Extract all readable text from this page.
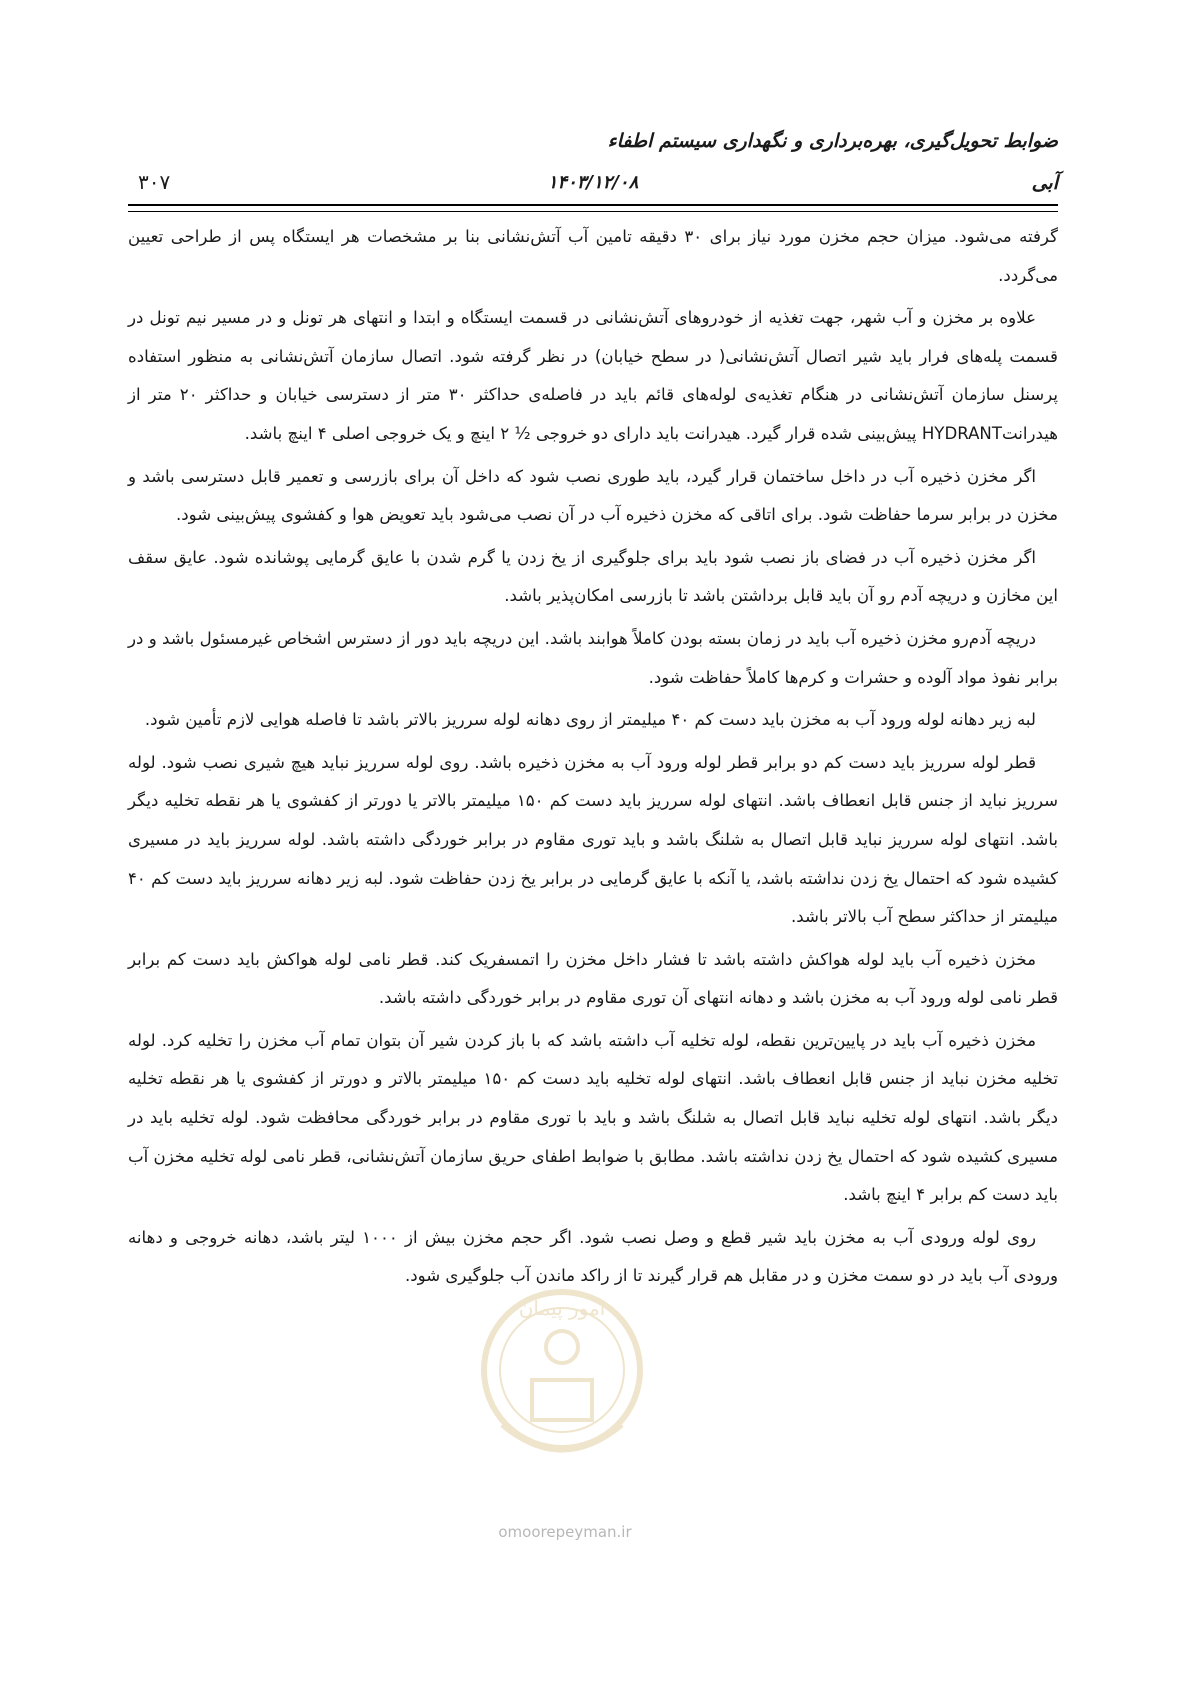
ضوابط تحویل‌گیری، بهره‌برداری و نگهداری سیستم اطفاء
۳۰۷	۱۴۰۳/۱۲/۰۸	آبی

گرفته می‌شود. میزان حجم مخزن مورد نیاز برای ۳۰ دقیقه تامین آب آتش‌نشانی بنا بر مشخصات هر ایستگاه پس از طراحی تعیین می‌گردد.

علاوه بر مخزن و آب شهر، جهت تغذیه از خودروهای آتش‌نشانی در قسمت ایستگاه و ابتدا و انتهای هر تونل و در مسیر نیم تونل در قسمت پله‌های فرار باید شیر اتصال آتش‌نشانی( در سطح خیابان) در نظر گرفته شود. اتصال سازمان آتش‌نشانی به منظور استفاده پرسنل سازمان آتش‌نشانی در هنگام تغذیه‌ی لوله‌های قائم باید در فاصله‌ی حداکثر ۳۰ متر از دسترسی خیابان و حداکثر ۲۰ متر از هیدرانتHYDRANT پیش‌بینی شده قرار گیرد. هیدرانت باید دارای دو خروجی ½ ۲ اینچ و یک خروجی اصلی ۴ اینچ باشد.

اگر مخزن ذخیره آب در داخل ساختمان قرار گیرد، باید طوری نصب شود که داخل آن برای بازرسی و تعمیر قابل دسترسی باشد و مخزن در برابر سرما حفاظت شود. برای اتاقی که مخزن ذخیره آب در آن نصب می‌شود باید تعویض هوا و کفشوی پیش‌بینی شود.

اگر مخزن ذخیره آب در فضای باز نصب شود باید برای جلوگیری از یخ زدن یا گرم شدن با عایق گرمایی پوشانده شود. عایق سقف این مخازن و دریچه آدم رو آن باید قابل برداشتن باشد تا بازرسی امکان‌پذیر باشد.

دریچه آدم‌رو مخزن ذخیره آب باید در زمان بسته بودن کاملاً هوابند باشد. این دریچه باید دور از دسترس اشخاص غیرمسئول باشد و در برابر نفوذ مواد آلوده و حشرات و کرم‌ها کاملاً حفاظت شود.

لبه زیر دهانه لوله ورود آب به مخزن باید دست کم ۴۰ میلیمتر از روی دهانه لوله سرریز بالاتر باشد تا فاصله هوایی لازم تأمین شود.

قطر لوله سرریز باید دست کم دو برابر قطر لوله ورود آب به مخزن ذخیره باشد. روی لوله سرریز نباید هیچ شیری نصب شود. لوله سرریز نباید از جنس قابل انعطاف باشد. انتهای لوله سرریز باید دست کم ۱۵۰ میلیمتر بالاتر یا دورتر از کفشوی یا هر نقطه تخلیه دیگر باشد. انتهای لوله سرریز نباید قابل اتصال به شلنگ باشد و باید توری مقاوم در برابر خوردگی داشته باشد. لوله سرریز باید در مسیری کشیده شود که احتمال یخ زدن نداشته باشد، یا آنکه با عایق گرمایی در برابر یخ زدن حفاظت شود. لبه زیر دهانه سرریز باید دست کم ۴۰ میلیمتر از حداکثر سطح آب بالاتر باشد.

مخزن ذخیره آب باید لوله هواکش داشته باشد تا فشار داخل مخزن را اتمسفریک کند. قطر نامی لوله هواکش باید دست کم برابر قطر نامی لوله ورود آب به مخزن باشد و دهانه انتهای آن توری مقاوم در برابر خوردگی داشته باشد.

مخزن ذخیره آب باید در پایین‌ترین نقطه، لوله تخلیه آب داشته باشد که با باز کردن شیر آن بتوان تمام آب مخزن را تخلیه کرد. لوله تخلیه مخزن نباید از جنس قابل انعطاف باشد. انتهای لوله تخلیه باید دست کم ۱۵۰ میلیمتر بالاتر و دورتر از کفشوی یا هر نقطه تخلیه دیگر باشد. انتهای لوله تخلیه نباید قابل اتصال به شلنگ باشد و باید با توری مقاوم در برابر خوردگی محافظت شود. لوله تخلیه باید در مسیری کشیده شود که احتمال یخ زدن نداشته باشد. مطابق با ضوابط اطفای حریق سازمان آتش‌نشانی، قطر نامی لوله تخلیه مخزن آب باید دست کم برابر ۴ اینچ باشد.

روی لوله ورودی آب به مخزن باید شیر قطع و وصل نصب شود. اگر حجم مخزن بیش از ۱۰۰۰ لیتر باشد، دهانه خروجی و دهانه ورودی آب باید در دو سمت مخزن و در مقابل هم قرار گیرند تا از راکد ماندن آب جلوگیری شود.

امور پیمان
omoorepeyman.ir
